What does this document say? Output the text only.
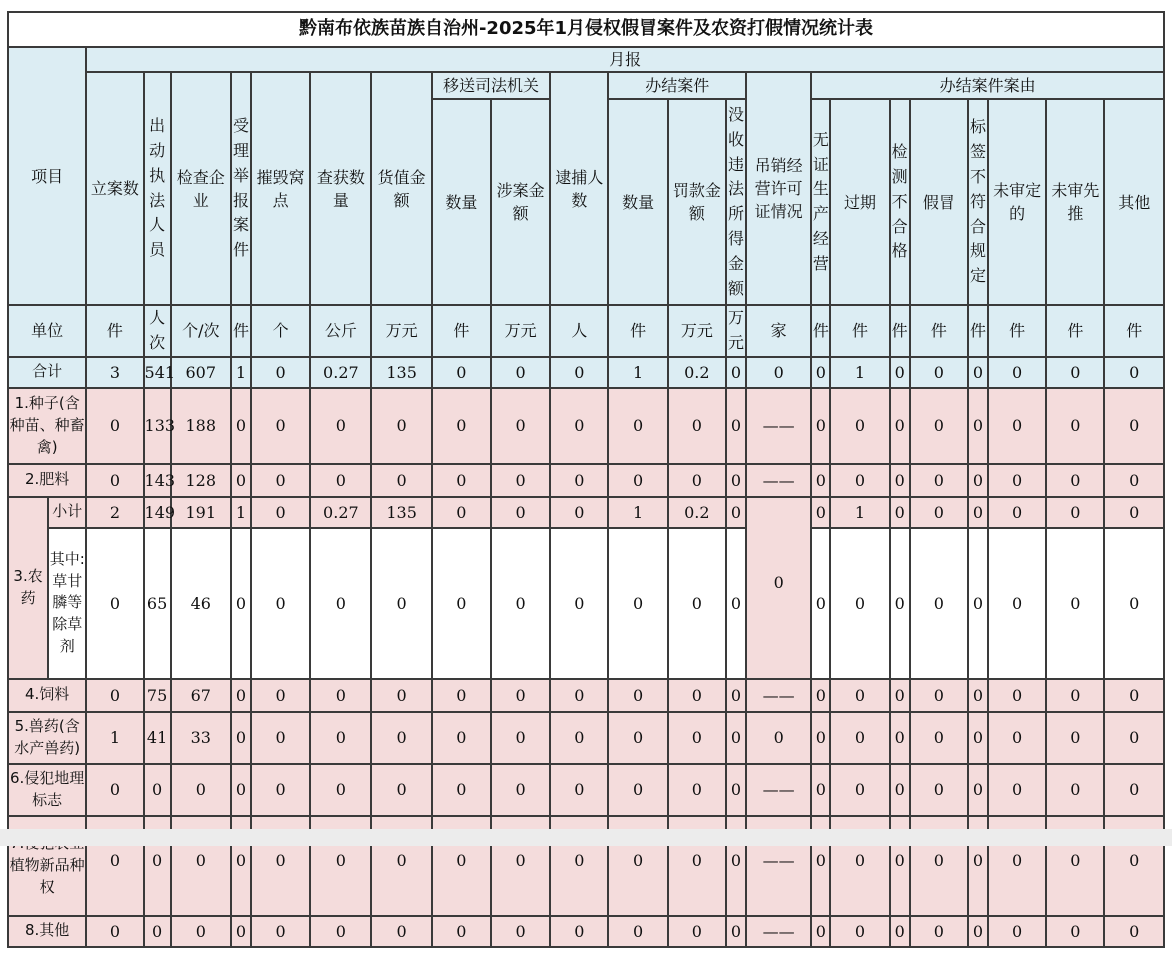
黔南布依族苗族自治州-2025年1月侵权假冒案件及农资打假情况统计表																							
项目		月报																					
		立案数	出动执法人员	检查企业	受理举报案件	摧毁窝点	查获数量	货值金额	移送司法机关		逮捕人数	办结案件			吊销经营许可证情况	办结案件案由							
									数量	涉案金额		数量	罚款金额	没收违法所得金额		无证生产经营	过期	检测不合格	假冒	标签不符合规定	未审定的	未审先推	其他

单位		件	人次	个/次	件	个	公斤	万元	件	万元	人	件	万元	万元	家	件	件	件	件	件	件	件	件
合计		3	541	607	1	0	0.27	135	0	0	0	1	0.2	0	0	0	1	0	0	0	0	0	0
1.种子(含种苗、种畜禽)		0	133	188	0	0	0	0	0	0	0	0	0	0	——	0	0	0	0	0	0	0	0
2.肥料		0	143	128	0	0	0	0	0	0	0	0	0	0	——	0	0	0	0	0	0	0	0
3.农药	小计	2	149	191	1	0	0.27	135	0	0	0	1	0.2	0	0	0	1	0	0	0	0	0	0
	其中:草甘膦等除草剂	0	65	46	0	0	0	0	0	0	0	0	0	0		0	0	0	0	0	0	0	0
4.饲料		0	75	67	0	0	0	0	0	0	0	0	0	0	——	0	0	0	0	0	0	0	0
5.兽药(含水产兽药)		1	41	33	0	0	0	0	0	0	0	0	0	0	0	0	0	0	0	0	0	0	0
6.侵犯地理标志		0	0	0	0	0	0	0	0	0	0	0	0	0	——	0	0	0	0	0	0	0	0
植物新品种权		0	0	0	0	0	0	0	0	0	0	0	0	0	——	0	0	0	0	0	0	0	0
8.其他		0	0	0	0	0	0	0	0	0	0	0	0	0	——	0	0	0	0	0	0	0	0
